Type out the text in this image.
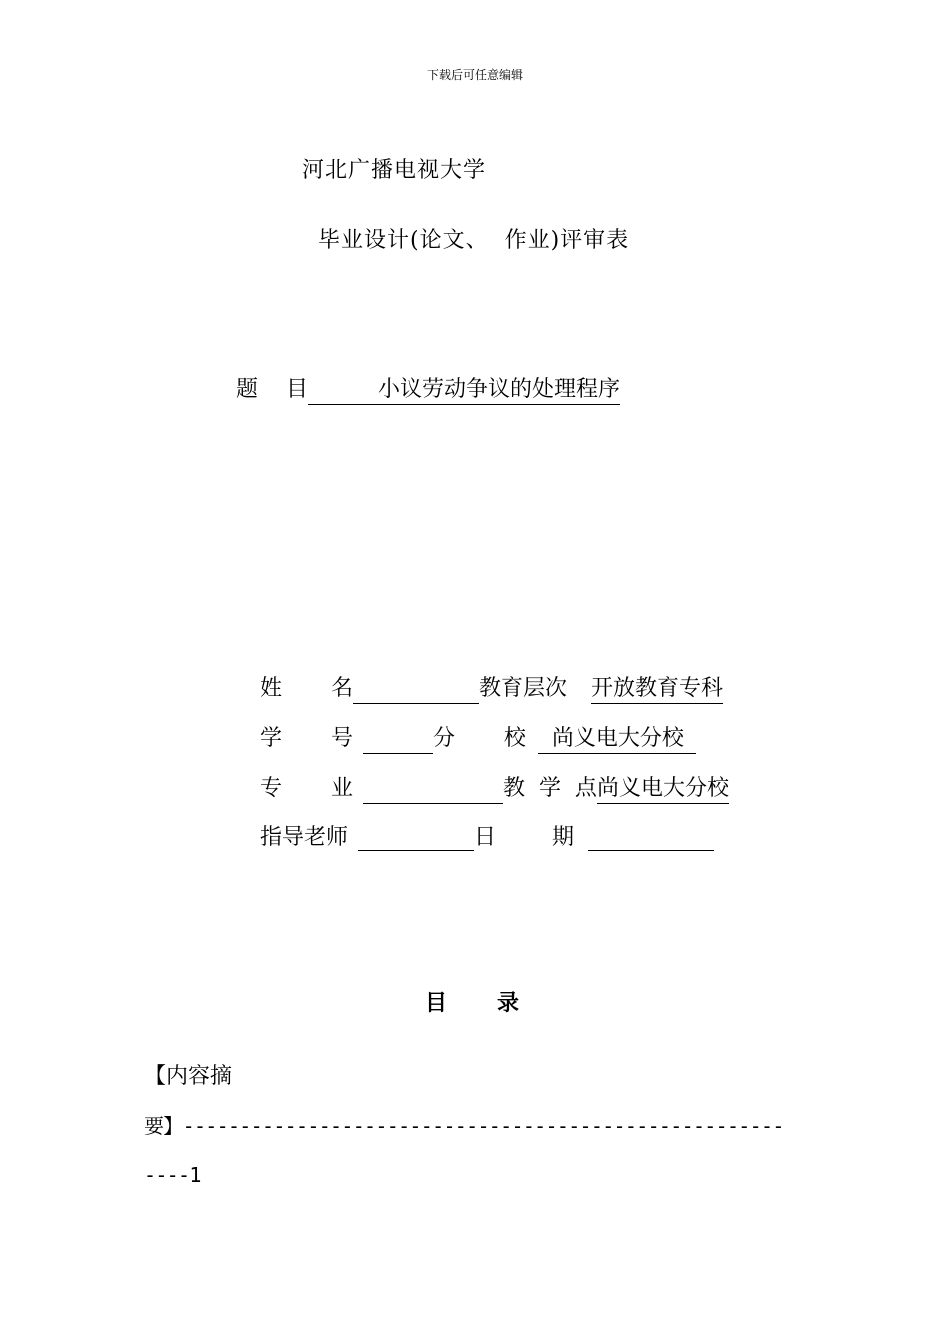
下载后可任意编辑
河北广播电视大学
毕业设计(论文、  作业)评审表
题    目	小议劳动争议的处理程序
姓       名	教育层次 开放教育专科
学       号	分       校 尚义电大分校
专       业	教  学  点尚义电大分校
指导老师	日        期
目录
【内容摘
要】-----------------------------------------------------
----1
